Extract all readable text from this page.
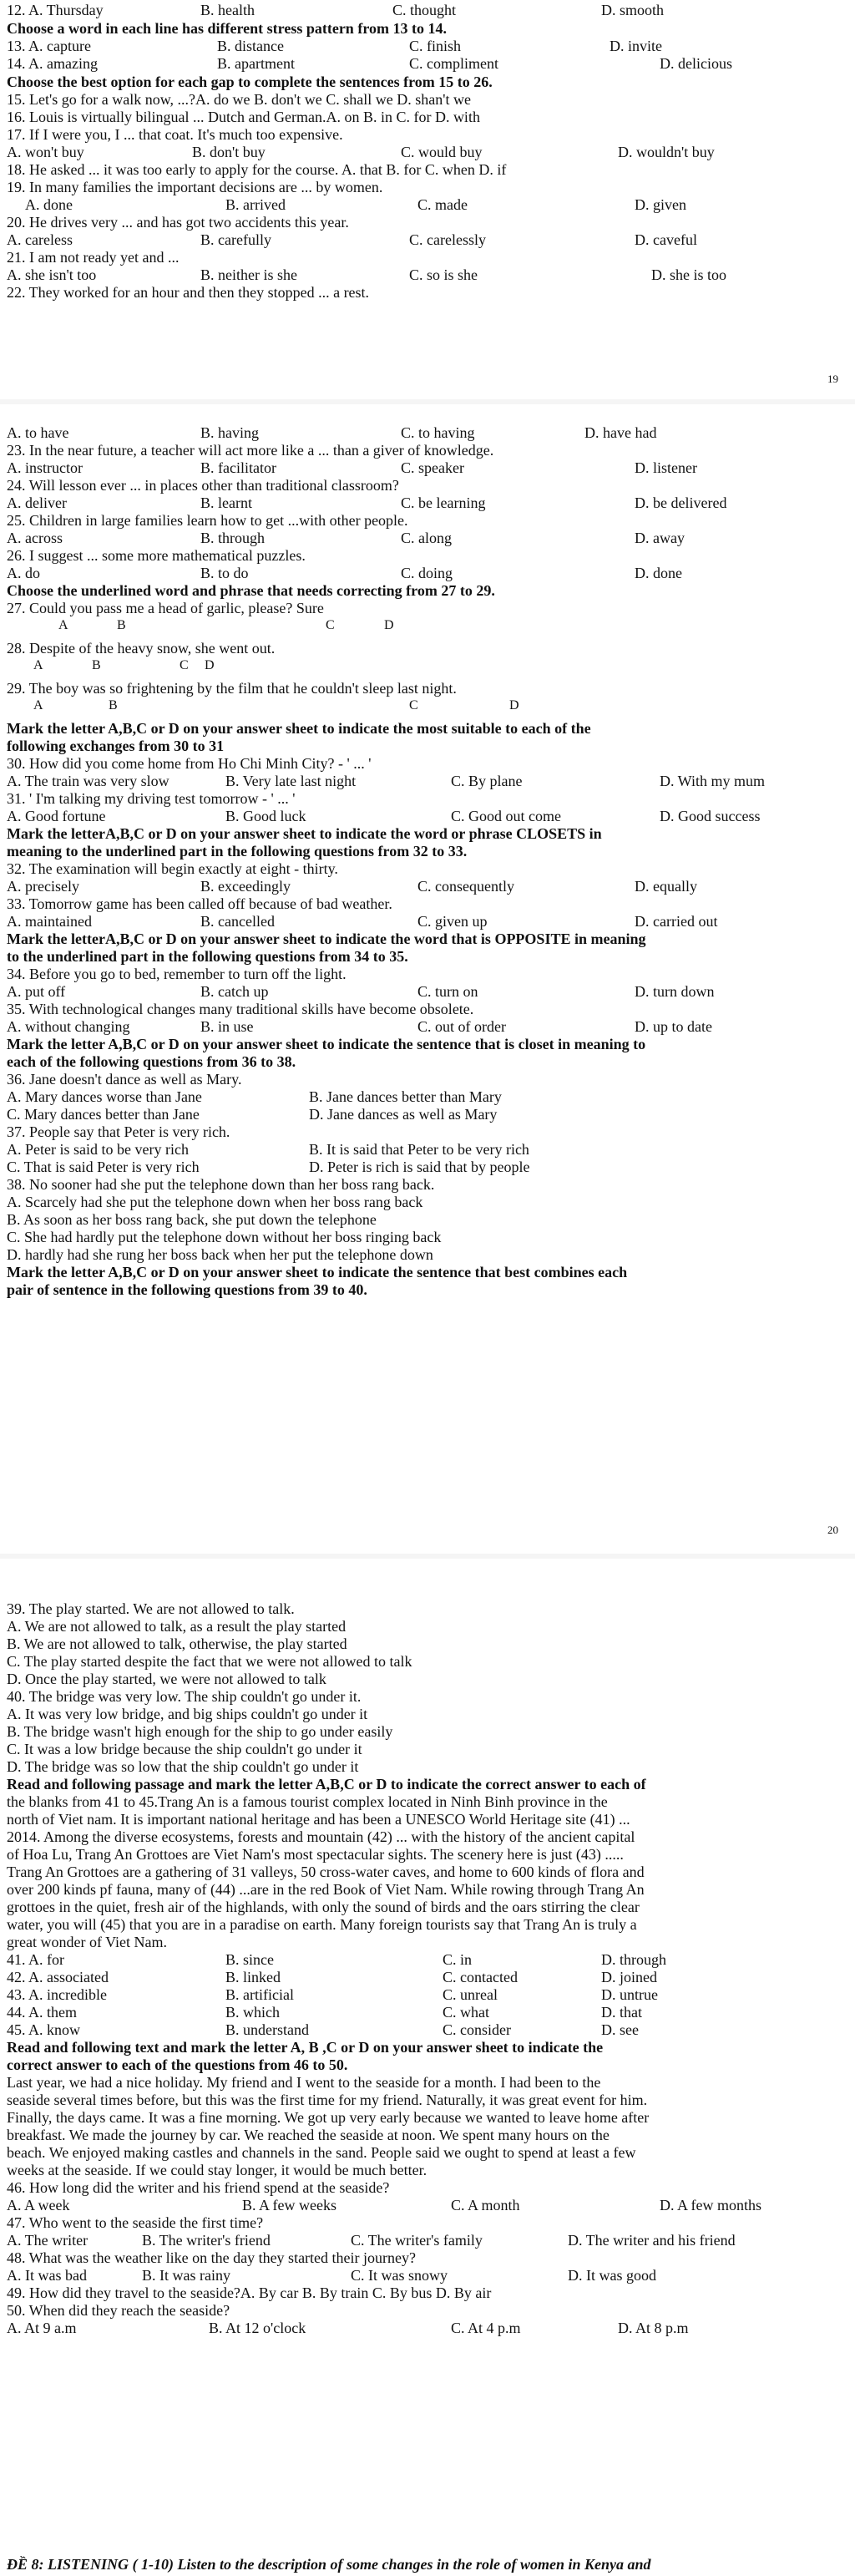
12. A. Thursday	B. health	C. thought	D. smooth
Choose a word in each line has different stress pattern from 13 to 14.
13. A. capture	B. distance	C. finish	D. invite
14. A. amazing	B. apartment	C. compliment	D. delicious
Choose the best option for each gap to complete the sentences from 15 to 26.
15. Let's go for a walk now, ...?A. do we B. don't we C. shall we D. shan't we
16. Louis is virtually bilingual ... Dutch and German.A. on B. in C. for D. with
17. If I were you, I ... that coat. It's much too expensive.
A. won't buy	B. don't buy	C. would buy	D. wouldn't buy
18. He asked ... it was too early to apply for the course. A. that B. for C. when D. if
19. In many families the important decisions are ... by women.
A. done	B. arrived	C. made	D. given
20. He drives very ... and has got two accidents this year.
A. careless	B. carefully	C. carelessly	D. caveful
21. I am not ready yet and ...
A. she isn't too	B. neither is she	C. so is she	D. she is too
22. They worked for an hour and then they stopped ... a rest.
A. to have	B. having	C. to having	D. have had
23. In the near future, a teacher will act more like a ... than a giver of knowledge.
A. instructor	B. facilitator	C. speaker	D. listener
24. Will lesson ever ... in places other than traditional classroom?
A. deliver	B. learnt	C. be learning	D. be delivered
25. Children in large families learn how to get ...with other people.
A. across	B. through	C. along	D. away
26. I suggest ... some more mathematical puzzles.
A. do	B. to do	C. doing	D. done
Choose the underlined word and phrase that needs correcting from 27 to 29.
27. Could you pass me a head of garlic, please? Sure
28. Despite of the heavy snow, she went out.
29. The boy was so frightening by the film that he couldn't sleep last night.
Mark the letter A,B,C or D on your answer sheet to indicate the most suitable to each of the
following exchanges from 30 to 31
30. How did you come home from Ho Chi Minh City? - ' ... '
A. The train was very slow	B. Very late last night	C. By plane	D. With my mum
31. ' I'm talking my driving test tomorrow - ' ... '
A. Good fortune	B. Good luck	C. Good out come	D. Good success
Mark the letterA,B,C or D on your answer sheet to indicate the word or phrase CLOSETS in
meaning to the underlined part in the following questions from 32 to 33.
32. The examination will begin exactly at eight - thirty.
A. precisely	B. exceedingly	C. consequently	D. equally
33. Tomorrow game has been called off because of bad weather.
A. maintained	B. cancelled	C. given up	D. carried out
Mark the letterA,B,C or D on your answer sheet to indicate the word that is OPPOSITE in meaning
to the underlined part in the following questions from 34 to 35.
34. Before you go to bed, remember to turn off the light.
A. put off	B. catch up	C. turn on	D. turn down
35. With technological changes many traditional skills have become obsolete.
A. without changing	B. in use	C. out of order	D. up to date
Mark the letter A,B,C or D on your answer sheet to indicate the sentence that is closet in meaning to
each of the following questions from 36 to 38.
36. Jane doesn't dance as well as Mary.
A. Mary dances worse than Jane	B. Jane dances better than Mary
C. Mary dances better than Jane	D. Jane dances as well as Mary
37. People say that Peter is very rich.
A. Peter is said to be very rich	B. It is said that Peter to be very rich
C. That is said Peter is very rich	D. Peter is rich is said that by people
38. No sooner had she put the telephone down than her boss rang back.
A. Scarcely had she put the telephone down when her boss rang back
B. As soon as her boss rang back, she put down the telephone
C. She had hardly put the telephone down without her boss ringing back
D. hardly had she rung her boss back when her put the telephone down
Mark the letter A,B,C or D on your answer sheet to indicate the sentence that best combines each
pair of sentence in the following questions from 39 to 40.
39. The play started. We are not allowed to talk.
A. We are not allowed to talk, as a result the play started
B. We are not allowed to talk, otherwise, the play started
C. The play started despite the fact that we were not allowed to talk
D. Once the play started, we were not allowed to talk
40. The bridge was very low. The ship couldn't go under it.
A. It was very low bridge, and big ships couldn't go under it
B. The bridge wasn't high enough for the ship to go under easily
C. It was a low bridge because the ship couldn't go under it
D. The bridge was so low that the ship couldn't go under it
Read and following passage and mark the letter A,B,C or D to indicate the correct answer to each of
the blanks from 41 to 45.Trang An is a famous tourist complex located in Ninh Binh province in the
north of Viet nam. It is important national heritage and has been a UNESCO World Heritage site (41) ...
2014. Among the diverse ecosystems, forests and mountain (42) ... with the history of the ancient capital
of Hoa Lu, Trang An Grottoes are Viet Nam's most spectacular sights. The scenery here is just (43) .....
Trang An Grottoes are a gathering of 31 valleys, 50 cross-water caves, and home to 600 kinds of flora and
over 200 kinds pf fauna, many of (44) ...are in the red Book of Viet Nam. While rowing through Trang An
grottoes in the quiet, fresh air of the highlands, with only the sound of birds and the oars stirring the clear
water, you will (45) that you are in a paradise on earth. Many foreign tourists say that Trang An is truly a
great wonder of Viet Nam.
41. A. for	B. since	C. in	D. through
42. A. associated	B. linked	C. contacted	D. joined
43. A. incredible	B. artificial	C. unreal	D. untrue
44. A. them	B. which	C. what	D. that
45. A. know	B. understand	C. consider	D. see
Read and following text and mark the letter A, B ,C or D on your answer sheet to indicate the
correct answer to each of the questions from 46 to 50.
Last year, we had a nice holiday. My friend and I went to the seaside for a month. I had been to the
seaside several times before, but this was the first time for my friend. Naturally, it was great event for him.
Finally, the days came. It was a fine morning. We got up very early because we wanted to leave home after
breakfast. We made the journey by car. We reached the seaside at noon. We spent many hours on the
beach. We enjoyed making castles and channels in the sand. People said we ought to spend at least a few
weeks at the seaside. If we could stay longer, it would be much better.
46. How long did the writer and his friend spend at the seaside?
A. A week	B. A few weeks	C. A month	D. A few months
47. Who went to the seaside the first time?
A. The writer	B. The writer's friend	C. The writer's family	D. The writer and his friend
48. What was the weather like on the day they started their journey?
A. It was bad	B. It was rainy	C. It was snowy	D. It was good
49. How did they travel to the seaside?A. By car B. By train C. By bus D. By air
50. When did they reach the seaside?
A. At 9 a.m	B. At 12 o'clock	C. At 4 p.m	D. At 8 p.m
A	B	C	D
A	B	C D
A	B	C	D
19
20
ĐỀ 8: LISTENING ( 1-10) Listen to the description of some changes in the role of women in Kenya and
